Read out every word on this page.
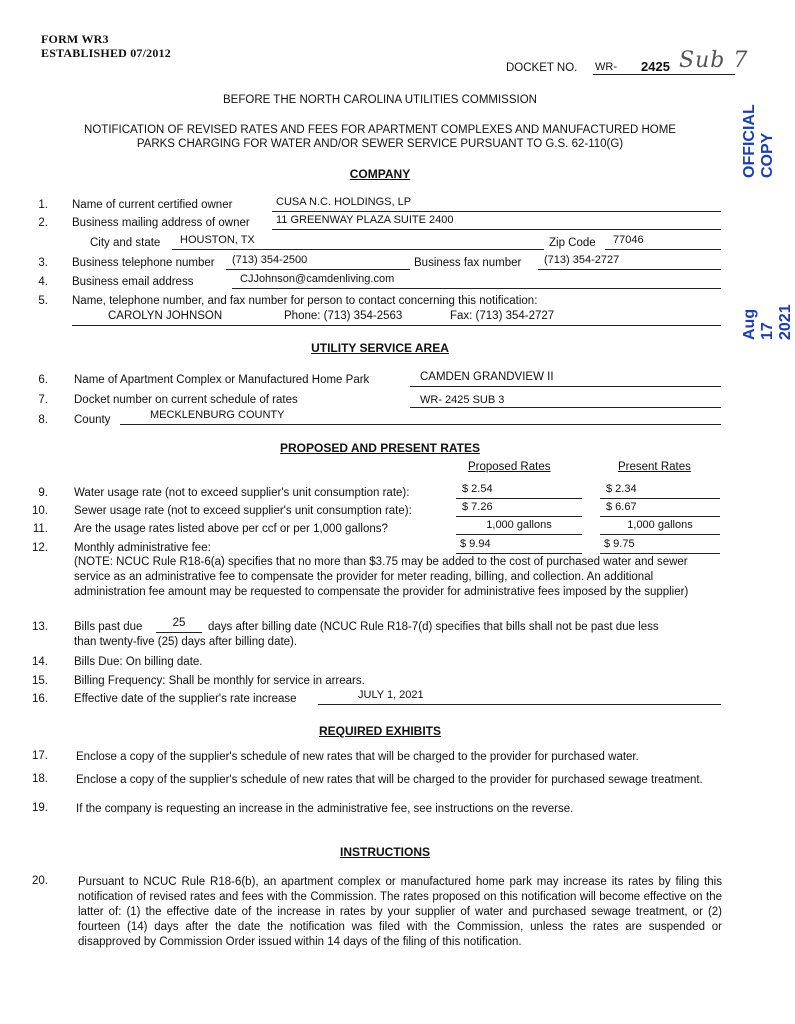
FORM WR3
ESTABLISHED 07/2012
DOCKET NO. WR- 2425 Sub 7
OFFICIAL COPY
Aug 17 2021
BEFORE THE NORTH CAROLINA UTILITIES COMMISSION
NOTIFICATION OF REVISED RATES AND FEES FOR APARTMENT COMPLEXES AND MANUFACTURED HOME
PARKS CHARGING FOR WATER AND/OR SEWER SERVICE PURSUANT TO G.S. 62-110(G)
COMPANY
1. Name of current certified owner	CUSA N.C. HOLDINGS, LP
2. Business mailing address of owner 11 GREENWAY PLAZA SUITE 2400
City and state HOUSTON, TX	Zip Code 77046
3. Business telephone number (713) 354-2500	Business fax number (713) 354-2727
4. Business email address	CJJohnson@camdenliving.com
5. Name, telephone number, and fax number for person to contact concerning this notification:
CAROLYN JOHNSON	Phone: (713) 354-2563	Fax: (713) 354-2727
UTILITY SERVICE AREA
6. Name of Apartment Complex or Manufactured Home Park	CAMDEN GRANDVIEW II
7. Docket number on current schedule of rates	WR- 2425 SUB 3
8. County	MECKLENBURG COUNTY
PROPOSED AND PRESENT RATES
Proposed Rates	Present Rates
9. Water usage rate (not to exceed supplier's unit consumption rate):	$ 2.54	$ 2.34
10. Sewer usage rate (not to exceed supplier's unit consumption rate):	$ 7.26	$ 6.67
11. Are the usage rates listed above per ccf or per 1,000 gallons?	1,000 gallons	1,000 gallons
12. Monthly administrative fee:	$ 9.94	$ 9.75
(NOTE: NCUC Rule R18-6(a) specifies that no more than $3.75 may be added to the cost of purchased water and sewer service as an administrative fee to compensate the provider for meter reading, billing, and collection. An additional administration fee amount may be requested to compensate the provider for administrative fees imposed by the supplier)
13. Bills past due	25	days after billing date (NCUC Rule R18-7(d) specifies that bills shall not be past due less
than twenty-five (25) days after billing date).
14. Bills Due: On billing date.
15. Billing Frequency: Shall be monthly for service in arrears.
16. Effective date of the supplier's rate increase	JULY 1, 2021
REQUIRED EXHIBITS
17. Enclose a copy of the supplier's schedule of new rates that will be charged to the provider for purchased water.
18. Enclose a copy of the supplier's schedule of new rates that will be charged to the provider for purchased sewage treatment.
19. If the company is requesting an increase in the administrative fee, see instructions on the reverse.
INSTRUCTIONS
20.	Pursuant to NCUC Rule R18-6(b), an apartment complex or manufactured home park may increase its rates by filing this notification of revised rates and fees with the Commission. The rates proposed on this notification will become effective on the latter of: (1) the effective date of the increase in rates by your supplier of water and purchased sewage treatment, or (2) fourteen (14) days after the date the notification was filed with the Commission, unless the rates are suspended or disapproved by Commission Order issued within 14 days of the filing of this notification.
